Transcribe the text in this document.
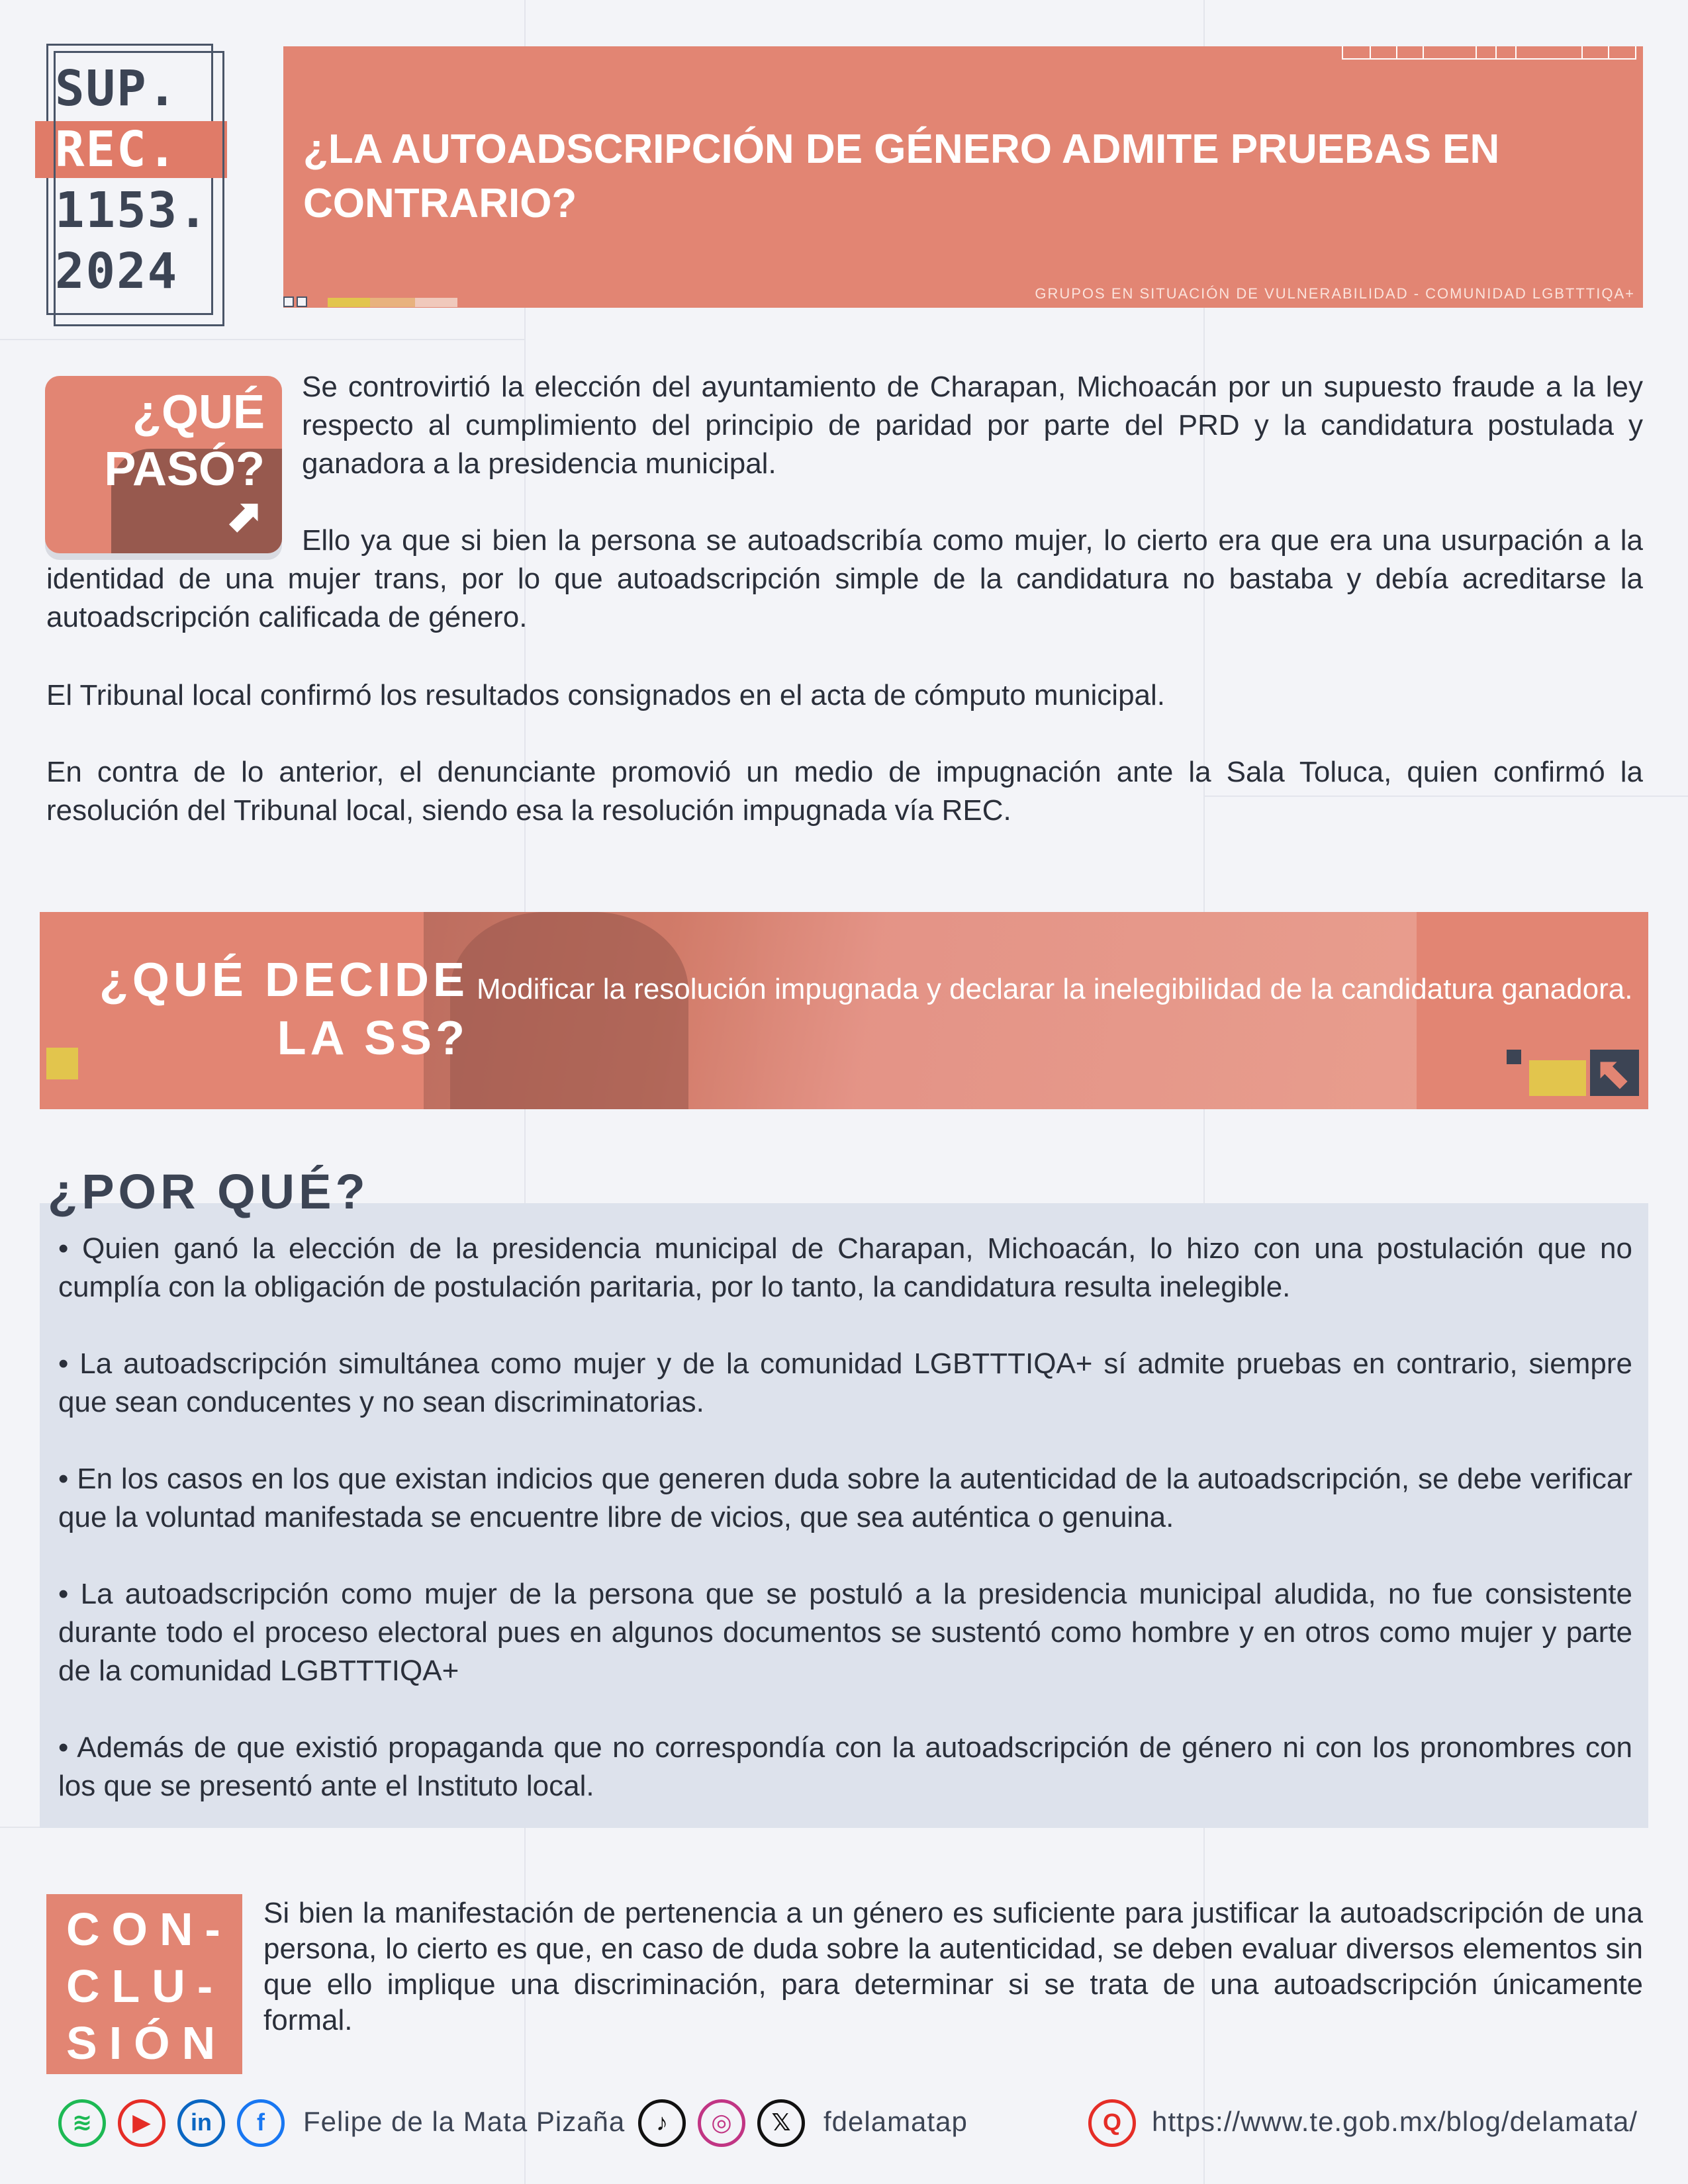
SUP.
REC.
1153.
2024
¿LA AUTOADSCRIPCIÓN DE GÉNERO ADMITE PRUEBAS EN CONTRARIO?
GRUPOS EN SITUACIÓN DE VULNERABILIDAD - COMUNIDAD LGBTTTIQA+
¿QUÉ
PASÓ?
⬈

Se controvirtió la elección del ayuntamiento de Charapan, Michoacán por un supuesto fraude a la ley respecto al cumplimiento del principio de paridad por parte del PRD y la candidatura postulada y ganadora a la presidencia municipal.

Ello ya que si bien la persona se autoadscribía como mujer, lo cierto era que era una usurpación a la identidad de una mujer trans, por lo que autoadscripción simple de la candidatura no bastaba y debía acreditarse la autoadscripción calificada de género.

El Tribunal local confirmó los resultados consignados en el acta de cómputo municipal.

En contra de lo anterior, el denunciante promovió un medio de impugnación ante la Sala Toluca, quien confirmó la resolución del Tribunal local, siendo esa la resolución impugnada vía REC.

¿QUÉ DECIDE
LA SS?

Modificar la resolución impugnada y declarar la inelegibilidad de la candidatura ganadora.

⬉
¿POR QUÉ?

• Quien ganó la elección de la presidencia municipal de Charapan, Michoacán, lo hizo con una postulación que no cumplía con la obligación de postulación paritaria, por lo tanto, la candidatura resulta inelegible.

• La autoadscripción simultánea como mujer y de la comunidad LGBTTTIQA+ sí admite pruebas en contrario, siempre que sean conducentes y no sean discriminatorias.

• En los casos en los que existan indicios que generen duda sobre la autenticidad de la autoadscripción, se debe verificar que la voluntad manifestada se encuentre libre de vicios, que sea auténtica o genuina.

• La autoadscripción como mujer de la persona que se postuló a la presidencia municipal aludida, no fue consistente durante todo el proceso electoral pues en algunos documentos se sustentó como hombre y en otros como mujer y parte de la comunidad LGBTTTIQA+

• Además de que existió propaganda que no correspondía con la autoadscripción de género ni con los pronombres con los que se presentó ante el Instituto local.

CON-
CLU-
SIÓN

Si bien la manifestación de pertenencia a un género es suficiente para justificar la autoadscripción de una persona, lo cierto es que, en caso de duda sobre la autenticidad, se deben evaluar diversos elementos sin que ello implique una discriminación, para determinar si se trata de una autoadscripción únicamente formal.

≋	▶	in	f	Felipe de la Mata Pizaña	♪	◎	𝕏	fdelamatap	Q	https://www.te.gob.mx/blog/delamata/
